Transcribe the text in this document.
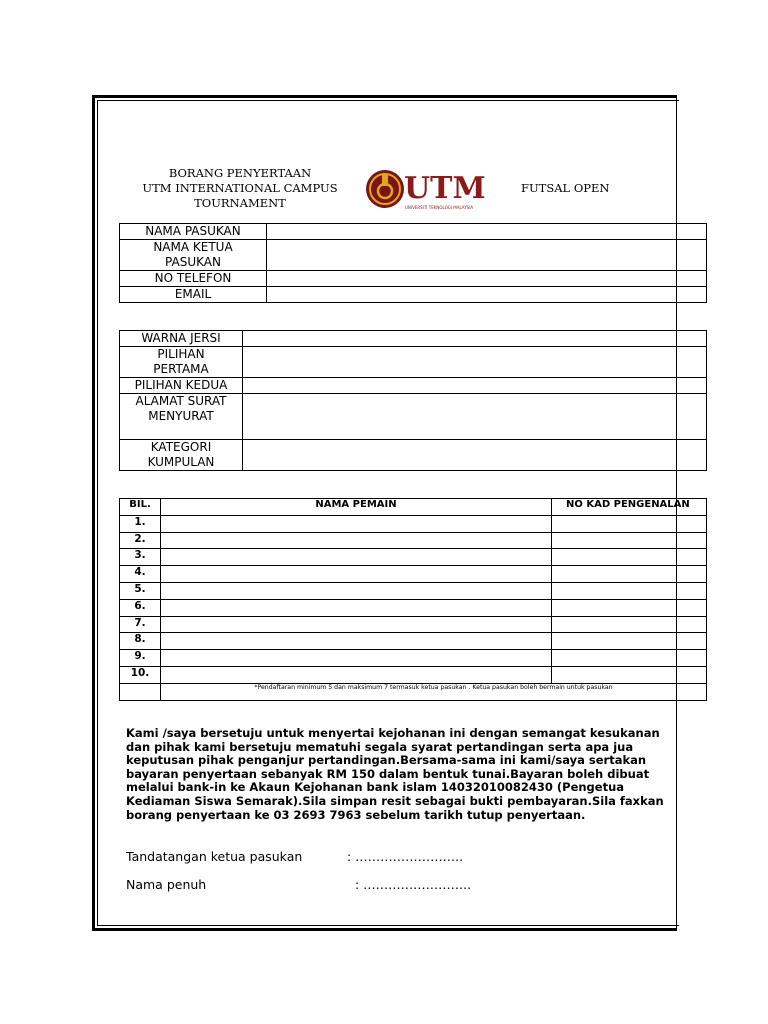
BORANG PENYERTAAN
UTM INTERNATIONAL CAMPUS
TOURNAMENT	UTM
UNIVERSITI TEKNOLOGI MALAYSIA
FUTSAL OPEN
NAMA PASUKAN	
NAMA KETUA PASUKAN	
NO TELEFON	
EMAIL	
WARNA JERSI	
PILIHAN PERTAMA	
PILIHAN KEDUA	
ALAMAT SURAT MENYURAT	
KATEGORI KUMPULAN	
BIL.	NAMA PEMAIN	NO KAD PENGENALAN
1.		
2.		
3.		
4.		
5.		
6.		
7.		
8.		
9.		
10.		
	*Pendaftaran minimum 5 dan maksimum 7 termasuk ketua pasukan . Ketua pasukan boleh bermain untuk pasukan	
Kami /saya bersetuju untuk menyertai kejohanan ini dengan semangat kesukanan dan pihak kami bersetuju mematuhi segala syarat pertandingan serta apa jua keputusan pihak penganjur pertandingan.Bersama-sama ini kami/saya sertakan bayaran penyertaan sebanyak RM 150 dalam bentuk tunai.Bayaran boleh dibuat melalui bank-in ke Akaun Kejohanan bank islam 14032010082430 (Pengetua Kediaman Siswa Semarak).Sila simpan resit sebagai bukti pembayaran.Sila faxkan borang penyertaan ke 03 2693 7963 sebelum tarikh tutup penyertaan.
Tandatangan ketua pasukan	: ……………………..
Nama penuh	: ……………………..
